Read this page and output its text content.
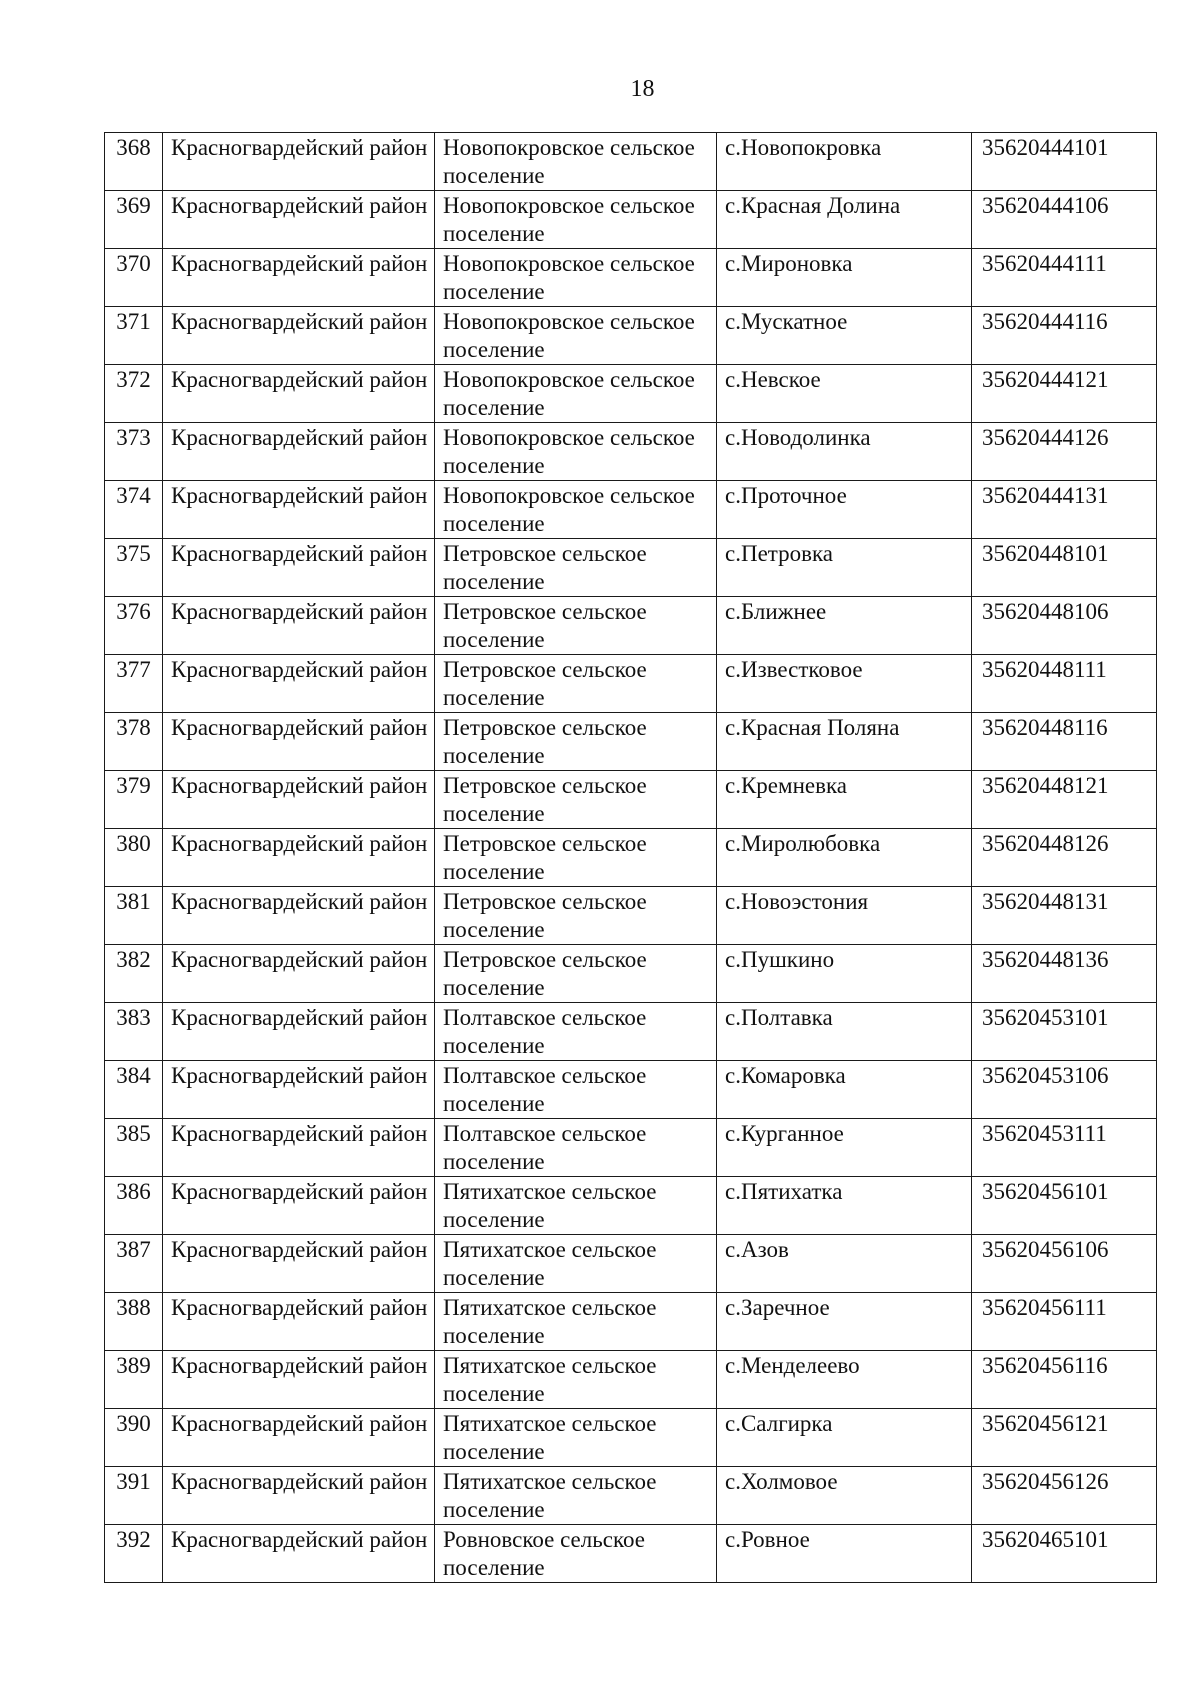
18
368	Красногвардейский район	Новопокровское сельское поселение	с.Новопокровка	35620444101
369	Красногвардейский район	Новопокровское сельское поселение	с.Красная Долина	35620444106
370	Красногвардейский район	Новопокровское сельское поселение	с.Мироновка	35620444111
371	Красногвардейский район	Новопокровское сельское поселение	с.Мускатное	35620444116
372	Красногвардейский район	Новопокровское сельское поселение	с.Невское	35620444121
373	Красногвардейский район	Новопокровское сельское поселение	с.Новодолинка	35620444126
374	Красногвардейский район	Новопокровское сельское поселение	с.Проточное	35620444131
375	Красногвардейский район	Петровское сельское поселение	с.Петровка	35620448101
376	Красногвардейский район	Петровское сельское поселение	с.Ближнее	35620448106
377	Красногвардейский район	Петровское сельское поселение	с.Известковое	35620448111
378	Красногвардейский район	Петровское сельское поселение	с.Красная Поляна	35620448116
379	Красногвардейский район	Петровское сельское поселение	с.Кремневка	35620448121
380	Красногвардейский район	Петровское сельское поселение	с.Миролюбовка	35620448126
381	Красногвардейский район	Петровское сельское поселение	с.Новоэстония	35620448131
382	Красногвардейский район	Петровское сельское поселение	с.Пушкино	35620448136
383	Красногвардейский район	Полтавское сельское поселение	с.Полтавка	35620453101
384	Красногвардейский район	Полтавское сельское поселение	с.Комаровка	35620453106
385	Красногвардейский район	Полтавское сельское поселение	с.Курганное	35620453111
386	Красногвардейский район	Пятихатское сельское поселение	с.Пятихатка	35620456101
387	Красногвардейский район	Пятихатское сельское поселение	с.Азов	35620456106
388	Красногвардейский район	Пятихатское сельское поселение	с.Заречное	35620456111
389	Красногвардейский район	Пятихатское сельское поселение	с.Менделеево	35620456116
390	Красногвардейский район	Пятихатское сельское поселение	с.Салгирка	35620456121
391	Красногвардейский район	Пятихатское сельское поселение	с.Холмовое	35620456126
392	Красногвардейский район	Ровновское сельское поселение	с.Ровное	35620465101
